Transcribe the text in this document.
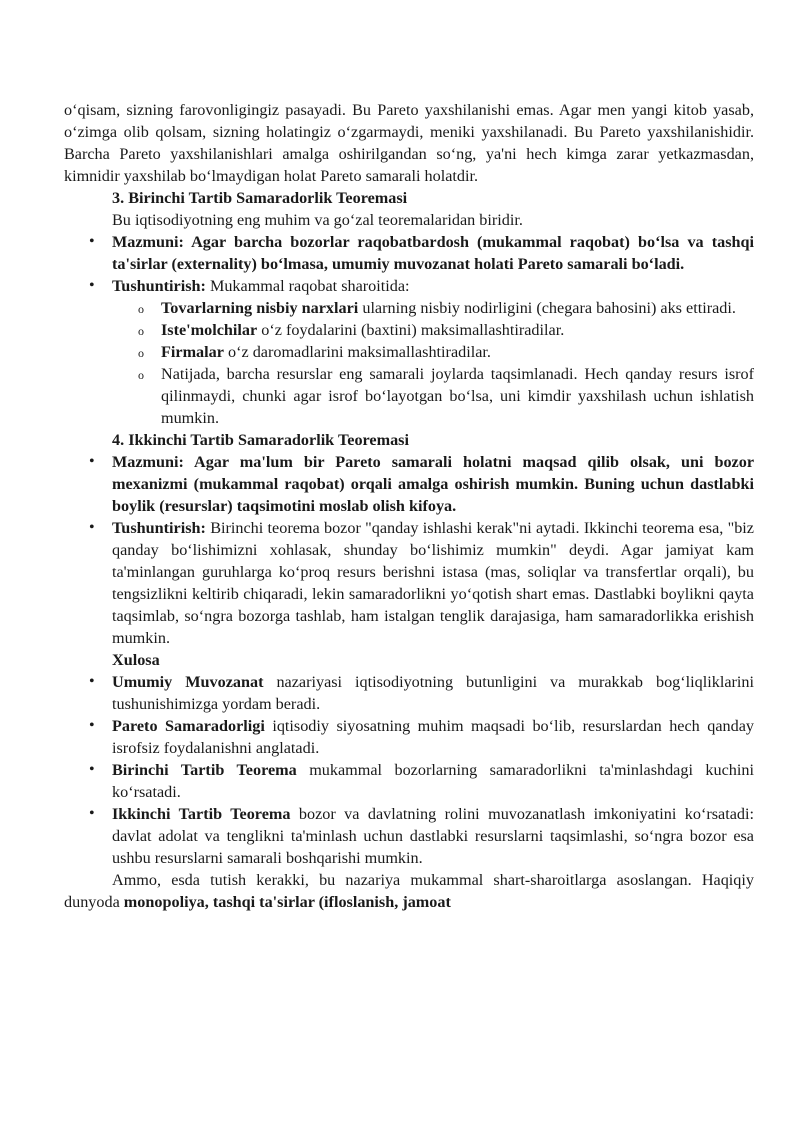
o‘qisam, sizning farovonligingiz pasayadi. Bu Pareto yaxshilanishi emas. Agar men yangi kitob yasab, o‘zimga olib qolsam, sizning holatingiz o‘zgarmaydi, meniki yaxshilanadi. Bu Pareto yaxshilanishidir. Barcha Pareto yaxshilanishlari amalga oshirilgandan so‘ng, ya'ni hech kimga zarar yetkazmasdan, kimnidir yaxshilab bo‘lmaydigan holat Pareto samarali holatdir.

3. Birinchi Tartib Samaradorlik Teoremasi

Bu iqtisodiyotning eng muhim va go‘zal teoremalaridan biridir.

• Mazmuni: Agar barcha bozorlar raqobatbardosh (mukammal raqobat) bo‘lsa va tashqi ta'sirlar (externality) bo‘lmasa, umumiy muvozanat holati Pareto samarali bo‘ladi.
• Tushuntirish: Mukammal raqobat sharoitida:
o Tovarlarning nisbiy narxlari ularning nisbiy nodirligini (chegara bahosini) aks ettiradi.
o Iste'molchilar o‘z foydalarini (baxtini) maksimallashtiradilar.
o Firmalar o‘z daromadlarini maksimallashtiradilar.
o Natijada, barcha resurslar eng samarali joylarda taqsimlanadi. Hech qanday resurs isrof qilinmaydi, chunki agar isrof bo‘layotgan bo‘lsa, uni kimdir yaxshilash uchun ishlatish mumkin.

4. Ikkinchi Tartib Samaradorlik Teoremasi

• Mazmuni: Agar ma'lum bir Pareto samarali holatni maqsad qilib olsak, uni bozor mexanizmi (mukammal raqobat) orqali amalga oshirish mumkin. Buning uchun dastlabki boylik (resurslar) taqsimotini moslab olish kifoya.
• Tushuntirish: Birinchi teorema bozor "qanday ishlashi kerak"ni aytadi. Ikkinchi teorema esa, "biz qanday bo‘lishimizni xohlasak, shunday bo‘lishimiz mumkin" deydi. Agar jamiyat kam ta'minlangan guruhlarga ko‘proq resurs berishni istasa (mas, soliqlar va transfertlar orqali), bu tengsizlikni keltirib chiqaradi, lekin samaradorlikni yo‘qotish shart emas. Dastlabki boylikni qayta taqsimlab, so‘ngra bozorga tashlab, ham istalgan tenglik darajasiga, ham samaradorlikka erishish mumkin.

Xulosa

• Umumiy Muvozanat nazariyasi iqtisodiyotning butunligini va murakkab bog‘liqliklarini tushunishimizga yordam beradi.
• Pareto Samaradorligi iqtisodiy siyosatning muhim maqsadi bo‘lib, resurslardan hech qanday isrofsiz foydalanishni anglatadi.
• Birinchi Tartib Teorema mukammal bozorlarning samaradorlikni ta'minlashdagi kuchini ko‘rsatadi.
• Ikkinchi Tartib Teorema bozor va davlatning rolini muvozanatlash imkoniyatini ko‘rsatadi: davlat adolat va tenglikni ta'minlash uchun dastlabki resurslarni taqsimlashi, so‘ngra bozor esa ushbu resurslarni samarali boshqarishi mumkin.

Ammo, esda tutish kerakki, bu nazariya mukammal shart-sharoitlarga asoslangan. Haqiqiy dunyoda monopoliya, tashqi ta'sirlar (ifloslanish, jamoat
